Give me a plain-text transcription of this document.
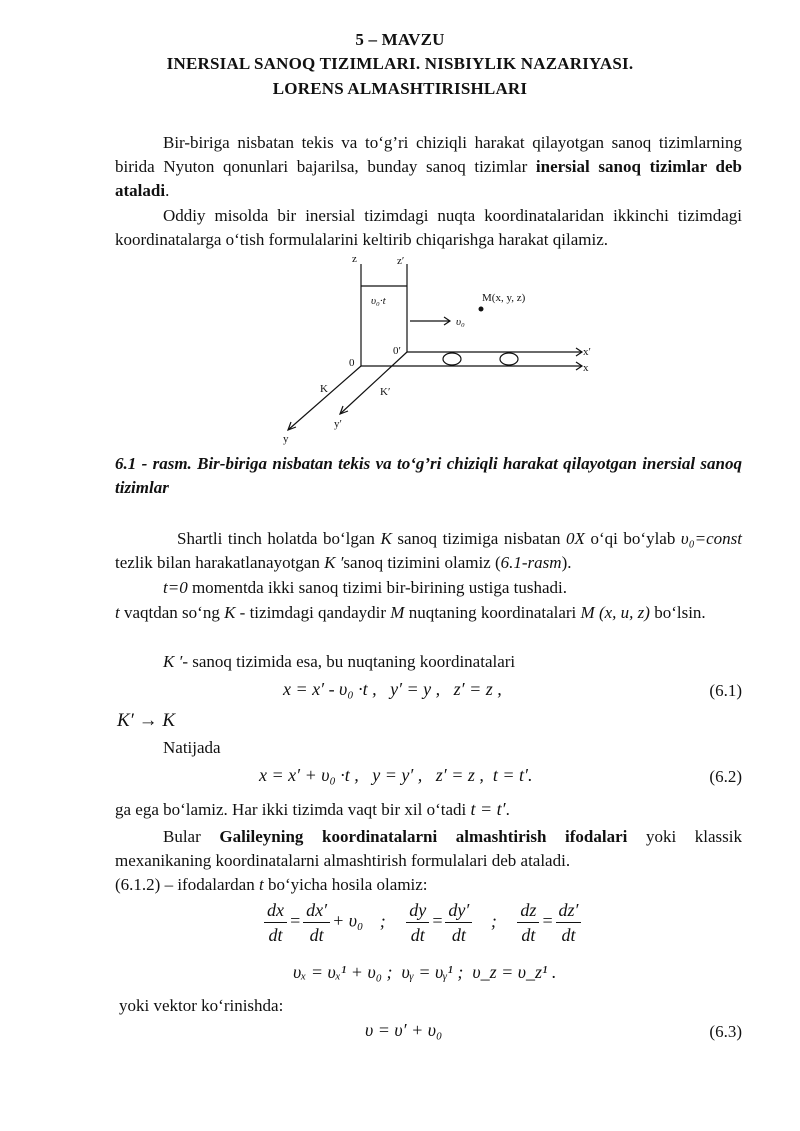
5 – MAVZU
INERSIAL SANOQ TIZIMLARI. NISBIYLIK NAZARIYASI.
LORENS ALMASHTIRISHLARI
Bir-biriga nisbatan tekis va to‘g’ri chiziqli harakat qilayotgan sanoq tizimlarning birida Nyuton qonunlari bajarilsa, bunday sanoq tizimlar inersial sanoq tizimlar deb ataladi.
Oddiy misolda bir inersial tizimdagi nuqta koordinatalaridan ikkinchi tizimdagi koordinatalarga o‘tish formulalarini keltirib chiqarishga harakat qilamiz.
z	z′
υ₀·t
υ₀
M(x, y, z)
0
0′	x′
x
K	K′
y′
y
6.1 - rasm. Bir-biriga nisbatan tekis va to‘g’ri chiziqli harakat qilayotgan inersial sanoq tizimlar
Shartli tinch holatda bo‘lgan K sanoq tizimiga nisbatan 0X o‘qi bo‘ylab υ₀=const tezlik bilan harakatlanayotgan K ′sanoq tizimini olamiz (6.1-rasm).
t=0 momentda ikki sanoq tizimi bir-birining ustiga tushadi.
t vaqtdan so‘ng K - tizimdagi qandaydir M nuqtaning koordinatalari M (x, u, z) bo‘lsin.
K ′- sanoq tizimida esa, bu nuqtaning koordinatalari
x = x′ - υ₀ ·t ,   y′ = y ,   z′ = z ,	(6.1)
K′ → K
Natijada
x = x′ + υ₀ ·t ,   y = y′ ,   z′ = z ,  t = t′.	(6.2)
ga ega bo‘lamiz. Har ikki tizimda vaqt bir xil o‘tadi t = t′.
Bular Galileyning koordinatalarni almashtirish ifodalari yoki klassik mexanikaning koordinatalarni almashtirish formulalari deb ataladi.
(6.1.2) – ifodalardan t bo‘yicha hosila olamiz:
$\frac{dx}{dt} = \frac{dx'}{dt} + \upsilon_0$ ; $\frac{dy}{dt} = \frac{dy'}{dt}$ ; $\frac{dz}{dt} = \frac{dz'}{dt}$
υₓ = υₓ¹ + υ₀ ;  υᵧ = υᵧ¹ ;  υ_z = υ_z¹ .
yoki vektor ko‘rinishda:
υ = υ′ + υ₀	(6.3)
